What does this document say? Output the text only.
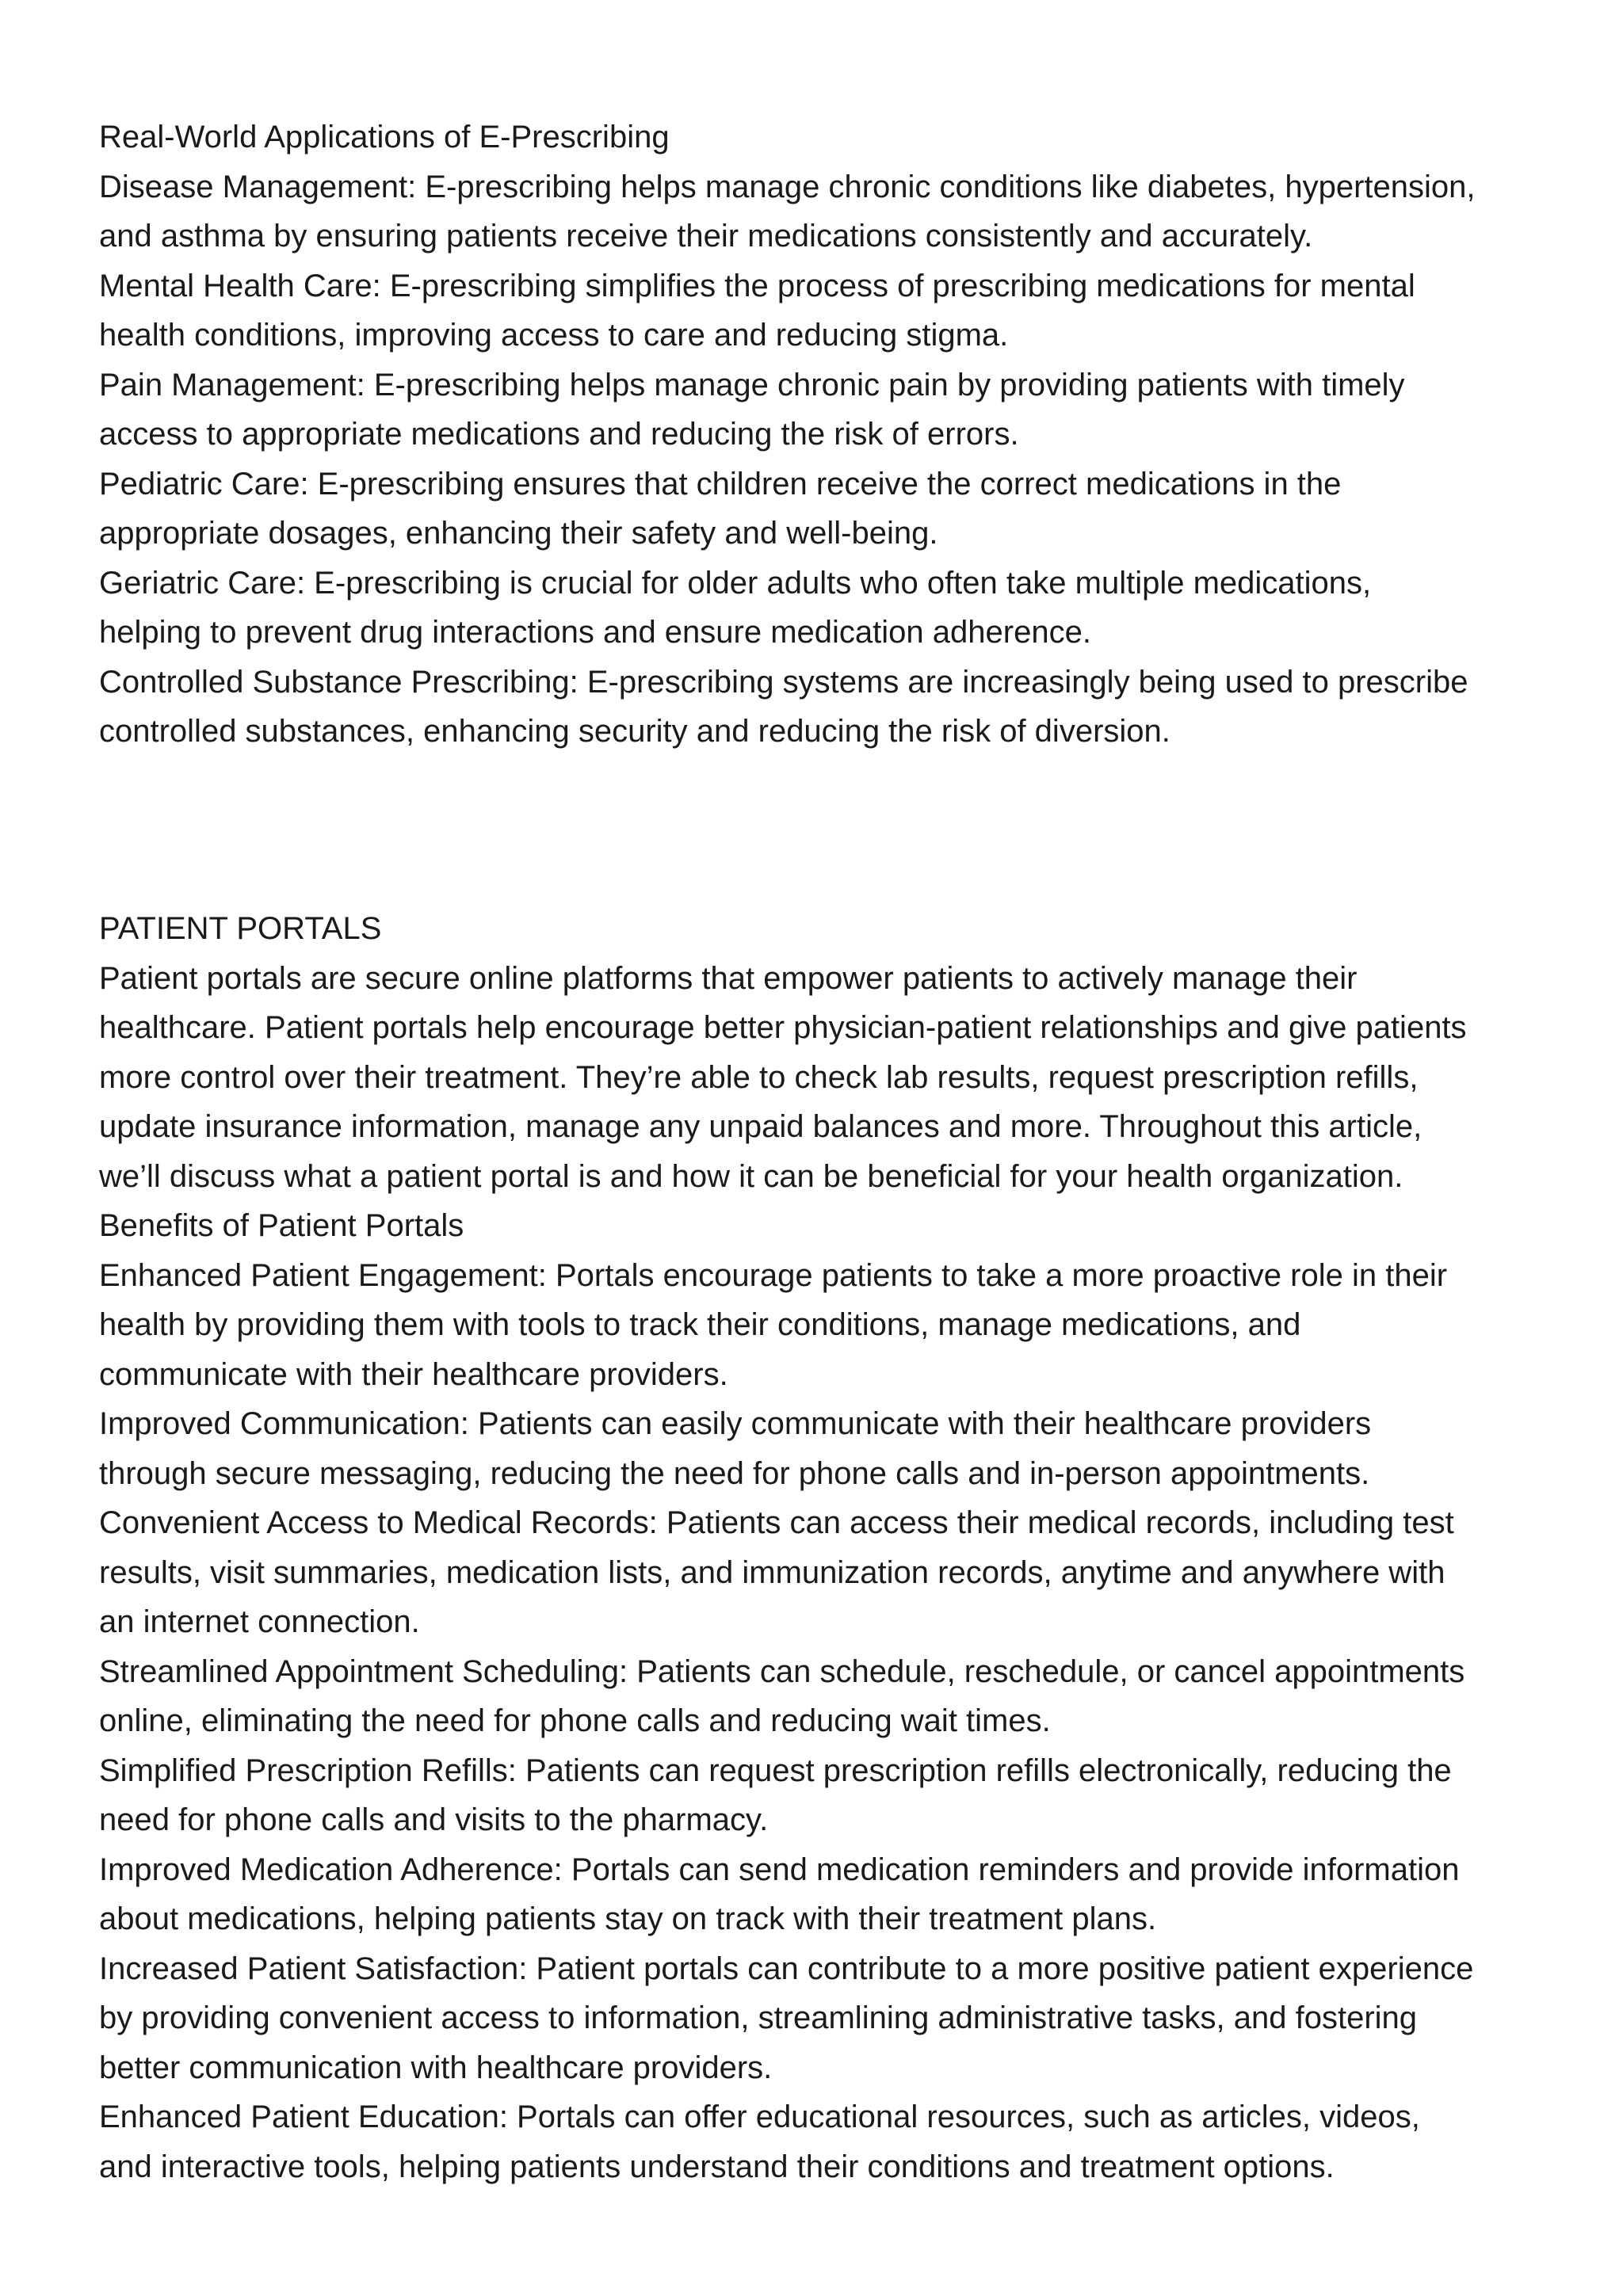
Real-World Applications of E-Prescribing
Disease Management: E-prescribing helps manage chronic conditions like diabetes, hypertension,
and asthma by ensuring patients receive their medications consistently and accurately.
Mental Health Care: E-prescribing simplifies the process of prescribing medications for mental
health conditions, improving access to care and reducing stigma.
Pain Management: E-prescribing helps manage chronic pain by providing patients with timely
access to appropriate medications and reducing the risk of errors.
Pediatric Care: E-prescribing ensures that children receive the correct medications in the
appropriate dosages, enhancing their safety and well-being.
Geriatric Care: E-prescribing is crucial for older adults who often take multiple medications,
helping to prevent drug interactions and ensure medication adherence.
Controlled Substance Prescribing: E-prescribing systems are increasingly being used to prescribe
controlled substances, enhancing security and reducing the risk of diversion.
PATIENT PORTALS
Patient portals are secure online platforms that empower patients to actively manage their
healthcare. Patient portals help encourage better physician-patient relationships and give patients
more control over their treatment. They’re able to check lab results, request prescription refills,
update insurance information, manage any unpaid balances and more. Throughout this article,
we’ll discuss what a patient portal is and how it can be beneficial for your health organization.
Benefits of Patient Portals
Enhanced Patient Engagement: Portals encourage patients to take a more proactive role in their
health by providing them with tools to track their conditions, manage medications, and
communicate with their healthcare providers.
Improved Communication: Patients can easily communicate with their healthcare providers
through secure messaging, reducing the need for phone calls and in-person appointments.
Convenient Access to Medical Records: Patients can access their medical records, including test
results, visit summaries, medication lists, and immunization records, anytime and anywhere with
an internet connection.
Streamlined Appointment Scheduling: Patients can schedule, reschedule, or cancel appointments
online, eliminating the need for phone calls and reducing wait times.
Simplified Prescription Refills: Patients can request prescription refills electronically, reducing the
need for phone calls and visits to the pharmacy.
Improved Medication Adherence: Portals can send medication reminders and provide information
about medications, helping patients stay on track with their treatment plans.
Increased Patient Satisfaction: Patient portals can contribute to a more positive patient experience
by providing convenient access to information, streamlining administrative tasks, and fostering
better communication with healthcare providers.
Enhanced Patient Education: Portals can offer educational resources, such as articles, videos,
and interactive tools, helping patients understand their conditions and treatment options.
